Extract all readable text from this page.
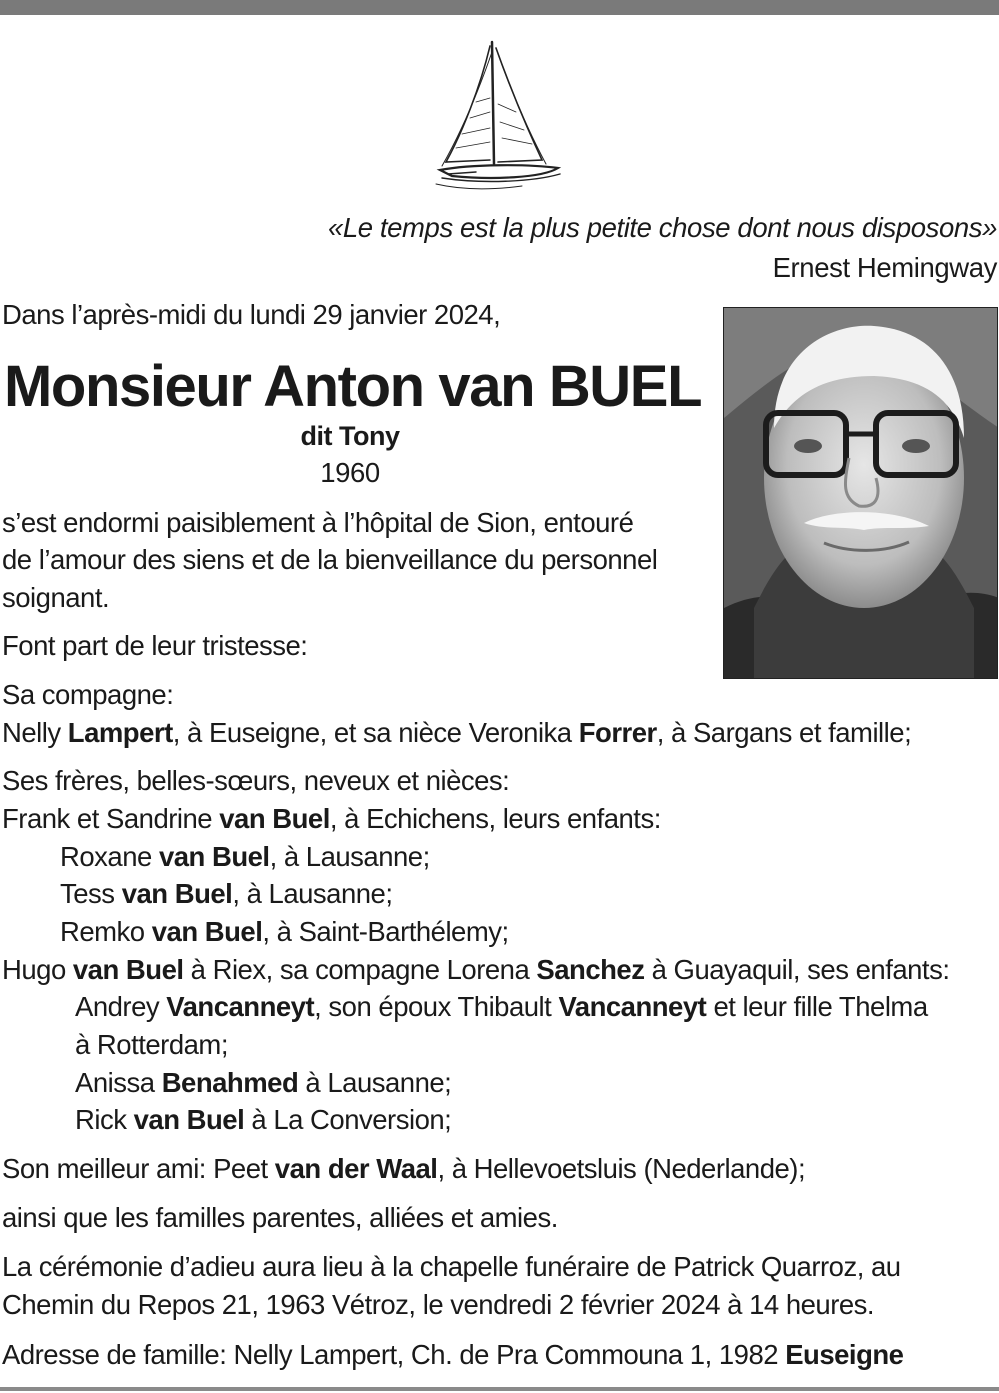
«Le temps est la plus petite chose dont nous disposons»
Ernest Hemingway
Dans l’après-midi du lundi 29 janvier 2024,
Monsieur Anton van BUEL
dit Tony
1960
s’est endormi paisiblement à l’hôpital de Sion, entouré
de l’amour des siens et de la bienveillance du personnel
soignant.
Font part de leur tristesse:
Sa compagne:
Nelly Lampert, à Euseigne, et sa nièce Veronika Forrer, à Sargans et famille;
Ses frères, belles-sœurs, neveux et nièces:
Frank et Sandrine van Buel, à Echichens, leurs enfants:
Roxane van Buel, à Lausanne;
Tess van Buel, à Lausanne;
Remko van Buel, à Saint-Barthélemy;
Hugo van Buel à Riex, sa compagne Lorena Sanchez à Guayaquil, ses enfants:
Andrey Vancanneyt, son époux Thibault Vancanneyt et leur fille Thelma
à Rotterdam;
Anissa Benahmed à Lausanne;
Rick van Buel à La Conversion;
Son meilleur ami: Peet van der Waal, à Hellevoetsluis (Nederlande);
ainsi que les familles parentes, alliées et amies.
La cérémonie d’adieu aura lieu à la chapelle funéraire de Patrick Quarroz, au
Chemin du Repos 21, 1963 Vétroz, le vendredi 2 février 2024 à 14 heures.
Adresse de famille: Nelly Lampert, Ch. de Pra Commouna 1, 1982 Euseigne
